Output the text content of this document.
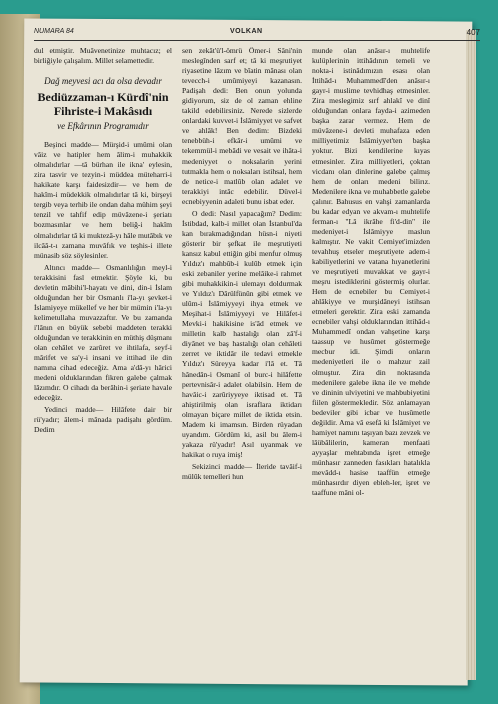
NUMARA 84	VOLKAN	407

dul etmiştir. Muâvenetinize muhtacız; el birliğiyle çalışalım. Millet selamettedir.

Dağ meyvesi acı da olsa devadır
Bediüzzaman-ı Kürdî'nin Fihriste-i Makâsıdı
ve Efkârının Programıdır

Beşinci madde— Mürşid-i umûmi olan vâiz ve hatipler hem âlim-i muhakkik olmalıdırlar —tâ bürhan ile ikna' eylesin, zira tasvir ve tezyin-i müddea müteharri-i hakikate karşı faidesizdir— ve hem de hakîm-i müdekkik olmalıdırlar tâ ki, birşeyi tergib veya terhib ile ondan daha mühim şeyi tenzil ve tahfif edip müvâzene-i şeriatı bozmasınlar ve hem beliğ-i hakîm olmalıdırlar tâ ki muktezâ-yı hâle mutâbık ve ilcââ-t-ı zamana muvâfık ve teşhis-i illete münasib söz söylesinler.

Altıncı madde— Osmanlılığın meyl-i terakkisini fasl etmektir. Şöyle ki, bu devletin mâbihi'l-hayatı ve dini, din-i İslam olduğundan her bir Osmanlı i'la-yı şevket-i İslamiyeye mükellef ve her bir mümin i'la-yı kelimetullaha muvazzaftır. Ve bu zamanda i'lânın en büyük sebebi maddeten terakki olduğundan ve terakkinin en müthiş düşmanı olan cehâlet ve zarûret ve ihtilafa, seyf-i mârifet ve sa'y-i insani ve ittihad ile din namına cihad edeceğiz. Ama a'dâ-yı hârici medeni olduklarından fikren galebe çalmak lâzımdır. O cihadı da berâhin-i şeriate havale edeceğiz.

Yedinci madde— Hilâfete dair bir rü'yadır; âlem-i mânada padişahı gördüm. Dedim

sen zekât'ü'l-ömrü Ömer-i Sâni'nin meslegînden sarf et; tâ ki meşrutiyet riyasetine lâzım ve bîatin mânası olan tevecch-i umûmiyeyi kazanasın. Padişah dedi: Ben onun yolunda gidiyorum, siz de ol zaman ehline takild edebilirsiniz. Nerede sizlerde onlardaki kuvvet-i İslâmiyyet ve safvet ve ahlâk! Ben dedim: Bizdeki tenebbüh-i efkâr-i umûmi ve tekemmül-i mebâdi ve vesait ve ihâta-i medeniyyet o noksalarin yerini tutmakla hem o noksaları istihsal, hem de netice-i matlûb olan adalet ve terakkiyi intâc edebilir. Düvel-i ecnebiyyenin adaleti bunu isbat eder.

O dedi: Nasıl yapacağım? Dedim: İstibdad, kalb-i millet olan İstanbul'da kan bırakmadığından hüsn-i niyeti gösterir bir şefkat ile meşrutiyeti kansız kabul ettiğin gibi menfur olmuş Yıldız'ı mahbûb-i kulûb etmek için eski zebaniler yerine melâike-i rahmet gibi muhakkikin-i ulemayı doldurmak ve Yıldız'ı Dârülfünûn gibi etmek ve ulûm-i İslâmiyyeyi ihya etmek ve Meşihat-i İslâmiyyeyi ve Hilâfet-i Mevki-i hakikisine is'âd etmek ve milletin kalb hastalığı olan zâ'f-i diyânet ve baş hastalığı olan cehâleti zerret ve iktidâr ile tedavi etmekle Yıldız'ı Süreyya kadar i'lâ et. Tâ hânedân-i Osmanî ol burc-i hilâfette pertevnisâr-i adalet olabilsin. Hem de havâic-i zarûriyyeye iktisad et. Tâ ahiştirilmiş olan israflara iktidarı olmayan biçare millet de iktida etsin. Madem ki imamsın. Birden rüyadan uyandım. Gördüm ki, asil bu âlem-i yakaza rü'yadır! Asıl uyanmak ve hakikat o ruya imiş!

Sekizinci madde— İleride tavâif-i mülûk temelleri hun

munde olan anâsır-ı muhtelife kulüplerinin ittihâdının temeli ve nokta-i istinâdımızın esası olan İttihâd-ı Muhammedî'den anâsır-ı gayr-i muslime tevhidhaş etmesinler. Zira meslegimiz sırf ahlakî ve dinî olduğundan onlara fayda-i azimeden başka zarar vermez. Hem de müvâzene-i devleti muhafaza eden milliyetimiz İslâmiyyet'ten başka yoktur. Bizi kendilerine kıyas etmesinler. Zira milliyetleri, çoktan vicdanı olan dinlerine galebe çalmış hem de onları medeni bilirız. Medenilere ikna ve muhabbetle galebe çalınır. Bahusus en vahşi zamanlarda bu kadar edyan ve akvam-ı muhtelife ferman-ı "Lâ ikrâhe fi'd-din" ile medeniyet-i İslâmiyye maslun kalmıştır. Ne vakit Cemiyet'imizden tevahhuş etseler meşrutiyete adem-i kabiliyetlerini ve vatana hıyanetlerini ve meşrutiyeti muvakkat ve gayr-i meşru istediklerini göstermiş olurlar. Hem de ecnebiler bu Cemiyet-i ahlâkiyye ve murşidâneyi istihsan etmeleri gerektir. Zira eski zamanda ecnebiler vahşi olduklarından ittihâd-ı Muhammedî ondan vahşetine karşı taassup ve husûmet göstermeğe mecbur idi. Şimdi onların medeniyetleri ile o mahzur zail olmuştur. Zira din noktasında medenilere galebe ikna ile ve mehde ve dininin ulviyetini ve mahbubiyetini fiilen göstermekledir. Söz anlamayan bedeviler gibi icbar ve husûmetle değildir. Ama vâ esefâ ki İslâmiyet ve hamiyet namını taşıyan bazı zevzek ve lâübâlilerin, kameran menfaati ayyaşlar mehtabında işret etmeğe münhasır zanneden fasıkları hatalıkla mevâdd-ı hasise taaffün etmeğe münhasırdır diyen ebleh-ler, işret ve taaffune mâni ol-
